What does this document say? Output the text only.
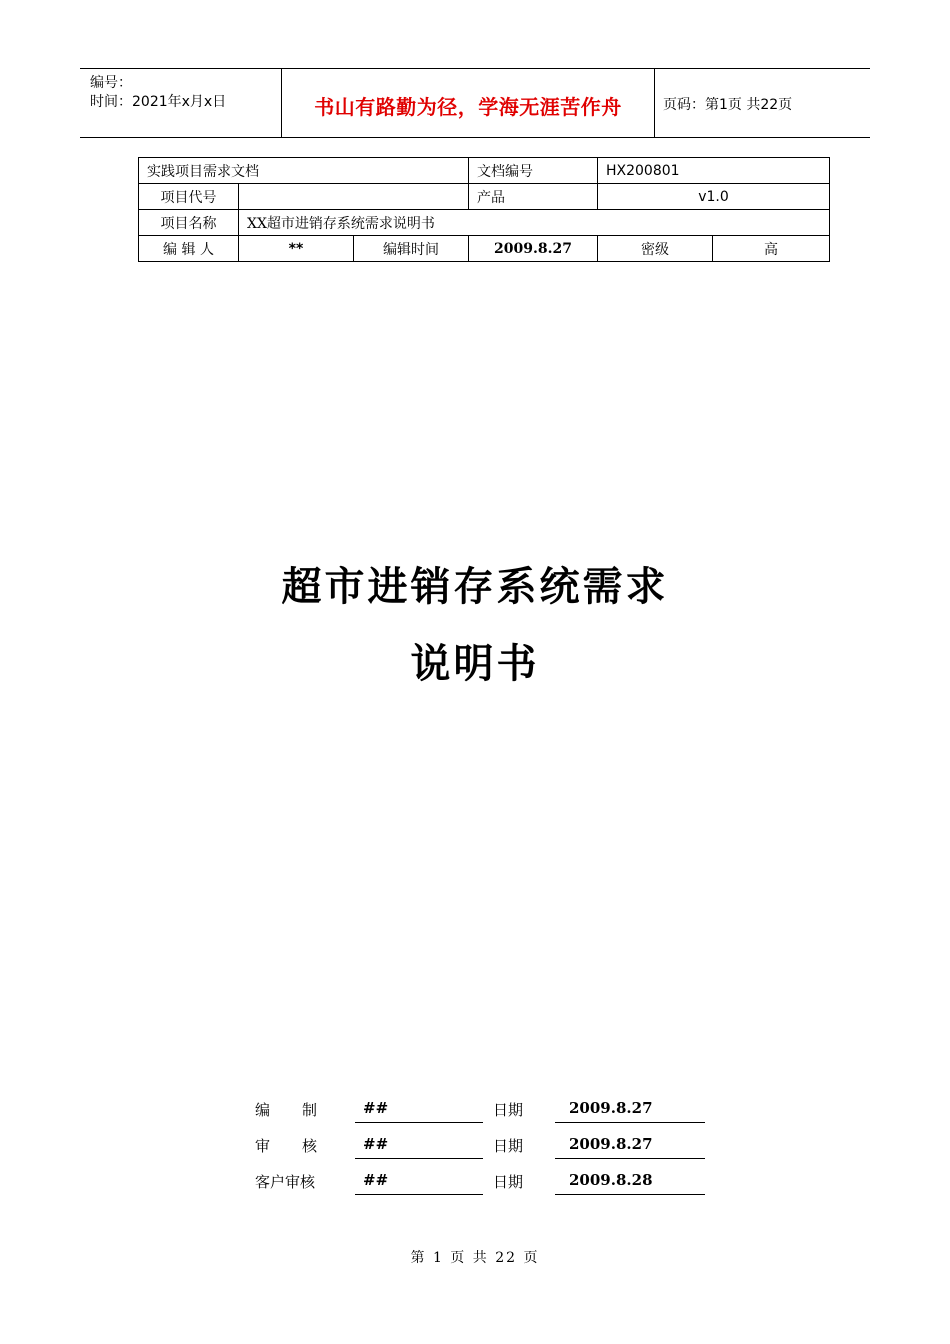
编号：
时间：2021年x月x日	书山有路勤为径，学海无涯苦作舟	页码：第1页 共22页
实践项目需求文档			文档编号	HX200801	
项目代号			产品	v1.0	
项目名称	XX超市进销存系统需求说明书				
编 辑 人	**	编辑时间	2009.8.27	密级	高
超市进销存系统需求
说明书
编制 ##	日期	2009.8.27
审核 ##	日期	2009.8.27
客户审核	##	日期	2009.8.28
第 1 页 共 22 页
